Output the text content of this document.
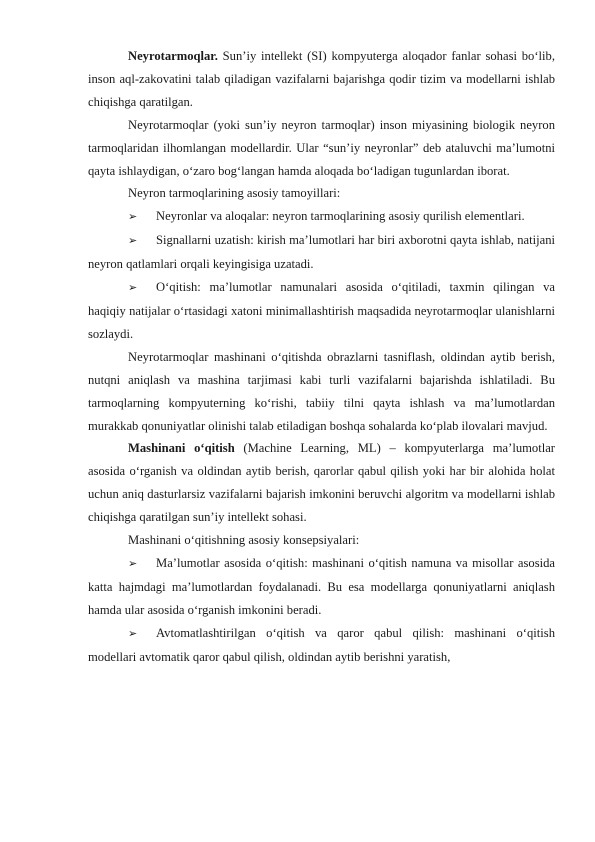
Neyrotarmoqlar. Sun’iy intellekt (SI) kompyuterga aloqador fanlar sohasi bo‘lib, inson aql-zakovatini talab qiladigan vazifalarni bajarishga qodir tizim va modellarni ishlab chiqishga qaratilgan.

Neyrotarmoqlar (yoki sun’iy neyron tarmoqlar) inson miyasining biologik neyron tarmoqlaridan ilhomlangan modellardir. Ular “sun’iy neyronlar” deb ataluvchi ma’lumotni qayta ishlaydigan, o‘zaro bog‘langan hamda aloqada bo‘ladigan tugunlardan iborat.

Neyron tarmoqlarining asosiy tamoyillari:

➢ Neyronlar va aloqalar: neyron tarmoqlarining asosiy qurilish elementlari.

➢ Signallarni uzatish: kirish ma’lumotlari har biri axborotni qayta ishlab, natijani neyron qatlamlari orqali keyingisiga uzatadi.

➢ O‘qitish: ma’lumotlar namunalari asosida o‘qitiladi, taxmin qilingan va haqiqiy natijalar o‘rtasidagi xatoni minimallashtirish maqsadida neyrotarmoqlar ulanishlarni sozlaydi.

Neyrotarmoqlar mashinani o‘qitishda obrazlarni tasniflash, oldindan aytib berish, nutqni aniqlash va mashina tarjimasi kabi turli vazifalarni bajarishda ishlatiladi. Bu tarmoqlarning kompyuterning ko‘rishi, tabiiy tilni qayta ishlash va ma’lumotlardan murakkab qonuniyatlar olinishi talab etiladigan boshqa sohalarda ko‘plab ilovalari mavjud.

Mashinani o‘qitish (Machine Learning, ML) – kompyuterlarga ma’lumotlar asosida o‘rganish va oldindan aytib berish, qarorlar qabul qilish yoki har bir alohida holat uchun aniq dasturlarsiz vazifalarni bajarish imkonini beruvchi algoritm va modellarni ishlab chiqishga qaratilgan sun’iy intellekt sohasi.

Mashinani o‘qitishning asosiy konsepsiyalari:

➢ Ma’lumotlar asosida o‘qitish: mashinani o‘qitish namuna va misollar asosida katta hajmdagi ma’lumotlardan foydalanadi. Bu esa modellarga qonuniyatlarni aniqlash hamda ular asosida o‘rganish imkonini beradi.

➢ Avtomatlashtirilgan o‘qitish va qaror qabul qilish: mashinani o‘qitish modellari avtomatik qaror qabul qilish, oldindan aytib berishni yaratish,
